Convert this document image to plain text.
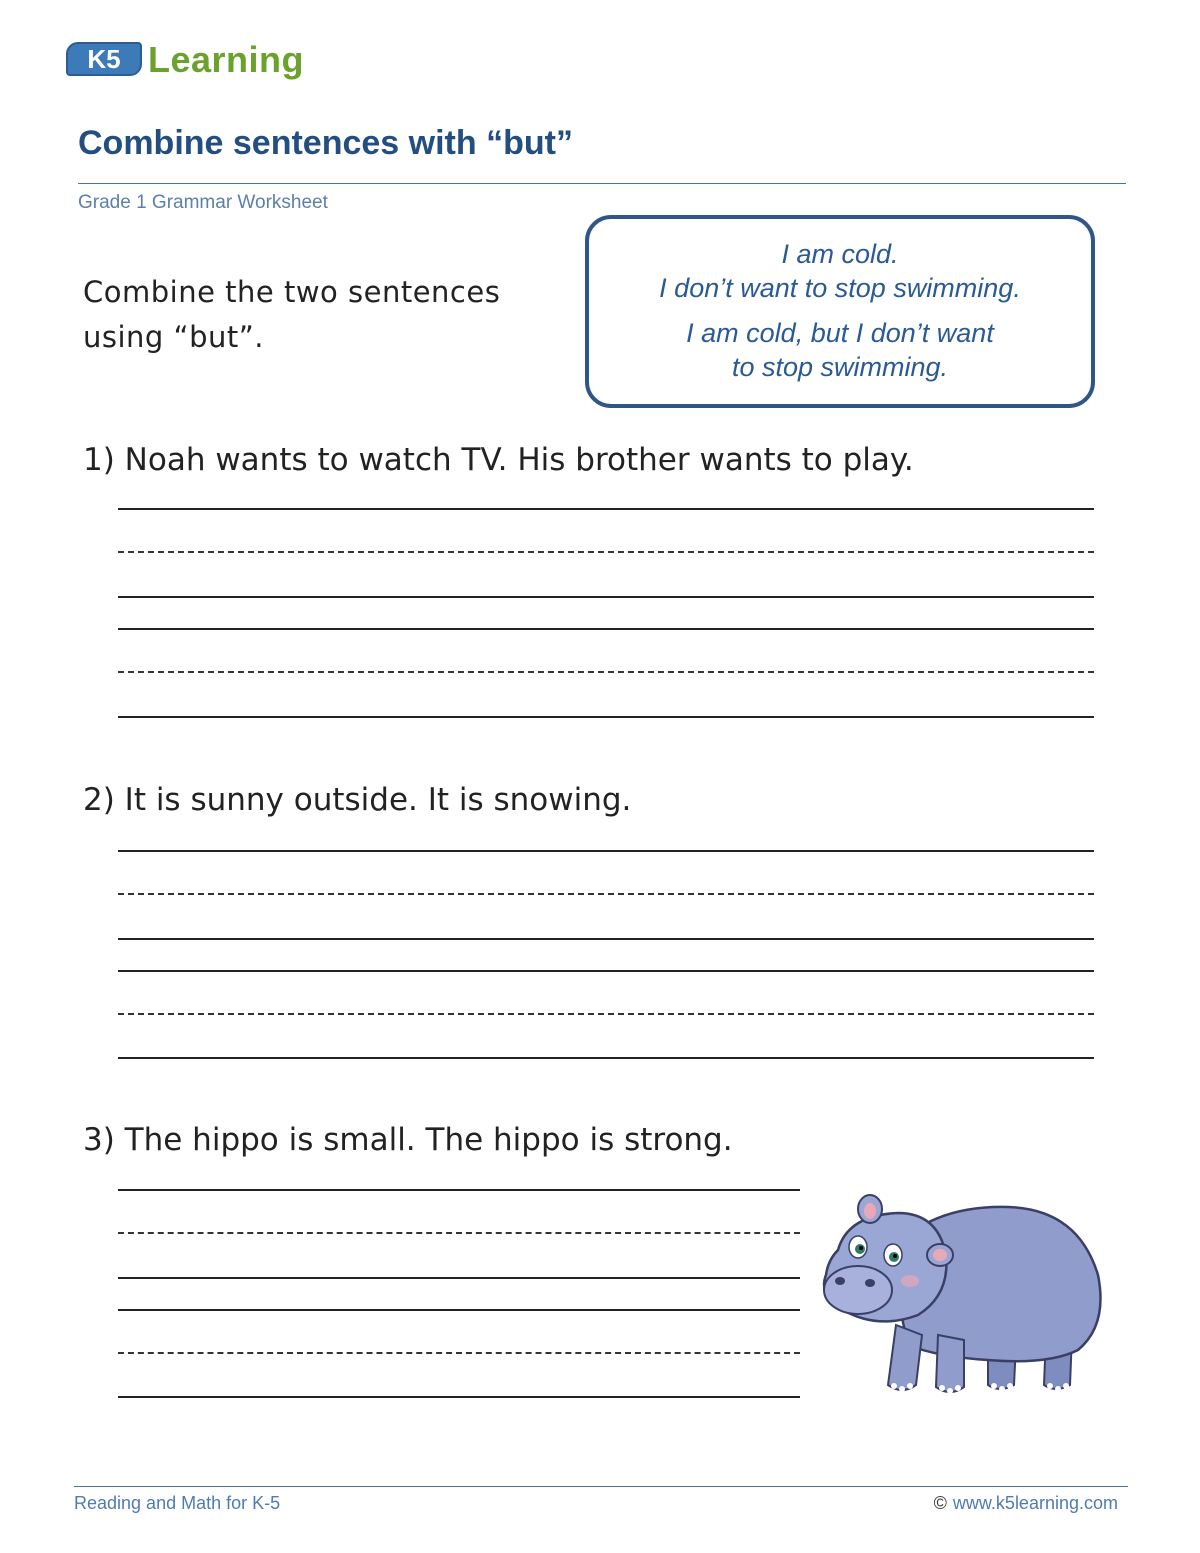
K5 Learning
Combine sentences with “but”
Grade 1 Grammar Worksheet
Combine the two sentences
using “but”.
I am cold.
I don’t want to stop swimming.
I am cold, but I don’t want
to stop swimming.
1) Noah wants to watch TV. His brother wants to play.
2) It is sunny outside. It is snowing.
3) The hippo is small. The hippo is strong.
Reading and Math for K-5	© www.k5learning.com
